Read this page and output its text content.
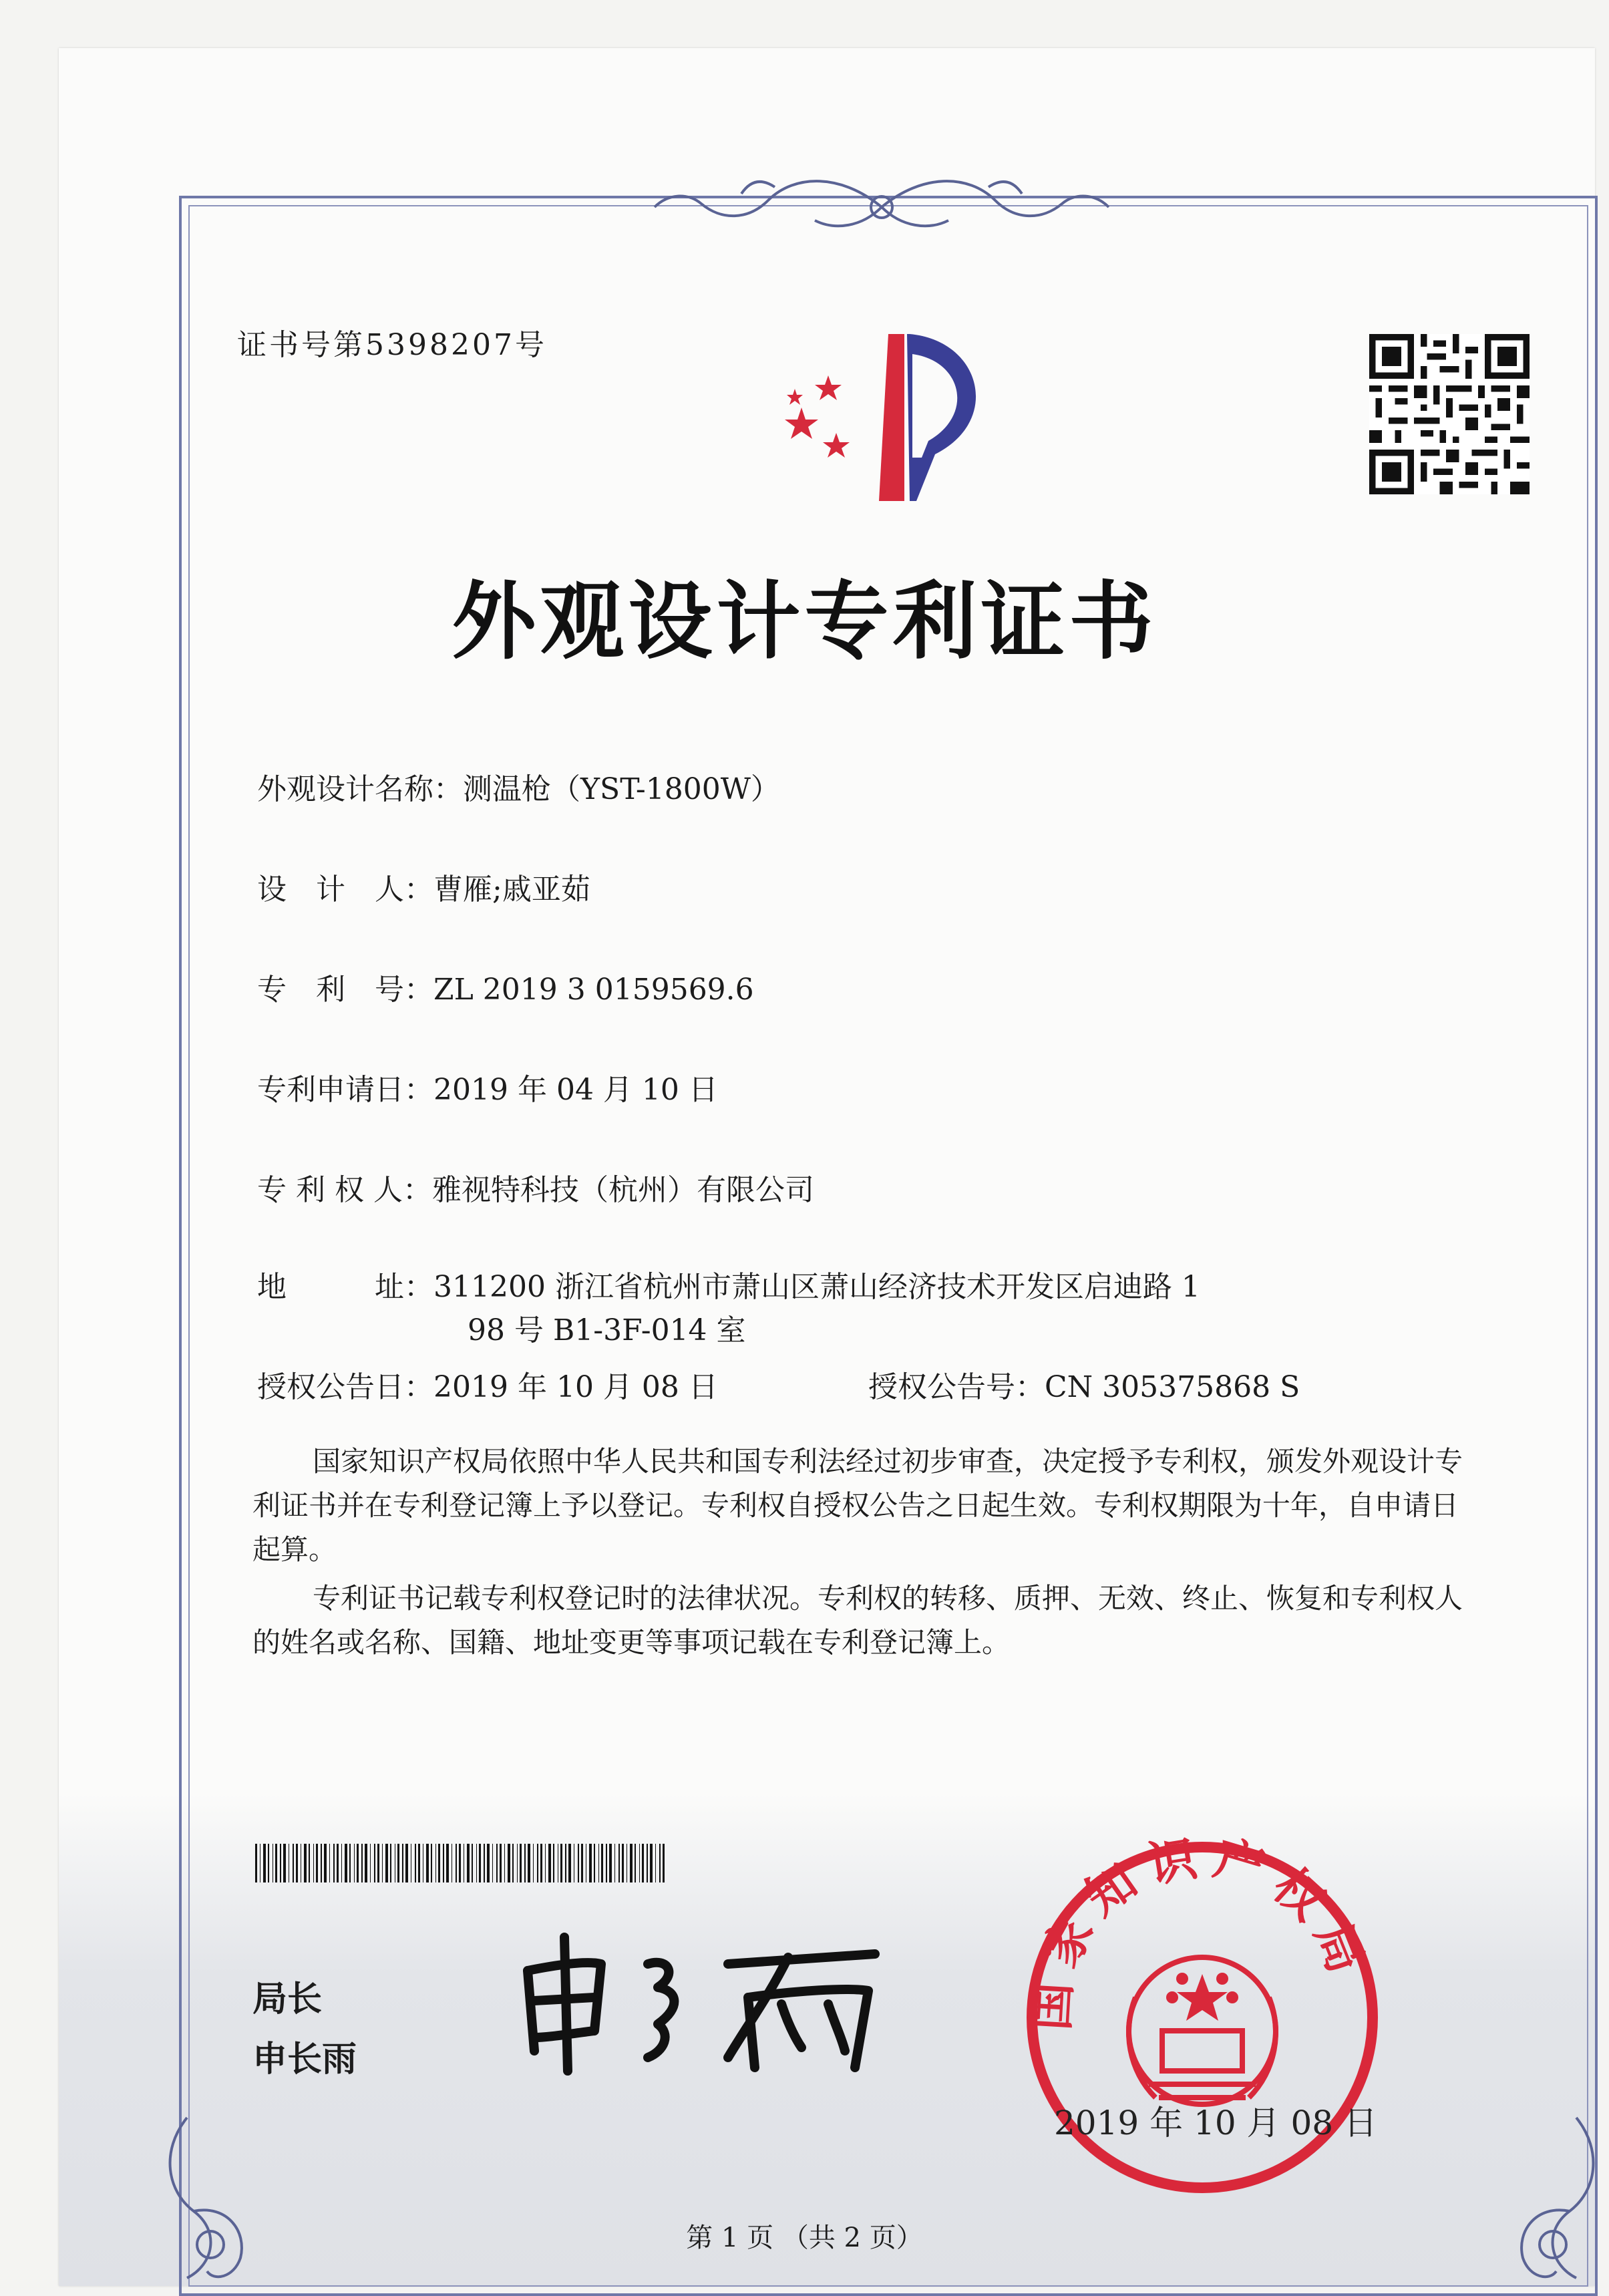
证书号第5398207号
外观设计专利证书
外观设计名称：测温枪（YST-1800W）
设　计　人：曹雁;戚亚茹
专　利　号：ZL 2019 3 0159569.6
专利申请日：2019 年 04 月 10 日
专 利 权 人：雅视特科技（杭州）有限公司
地　　　址：311200 浙江省杭州市萧山区萧山经济技术开发区启迪路 1
98 号 B1-3F-014 室
授权公告日：2019 年 10 月 08 日	授权公告号：CN 305375868 S
国家知识产权局依照中华人民共和国专利法经过初步审查，决定授予专利权，颁发外观设计专利证书并在专利登记簿上予以登记。专利权自授权公告之日起生效。专利权期限为十年，自申请日起算。
专利证书记载专利权登记时的法律状况。专利权的转移、质押、无效、终止、恢复和专利权人的姓名或名称、国籍、地址变更等事项记载在专利登记簿上。
局长
申长雨
国家知识产权局
2019 年 10 月 08 日
第 1 页 （共 2 页）
